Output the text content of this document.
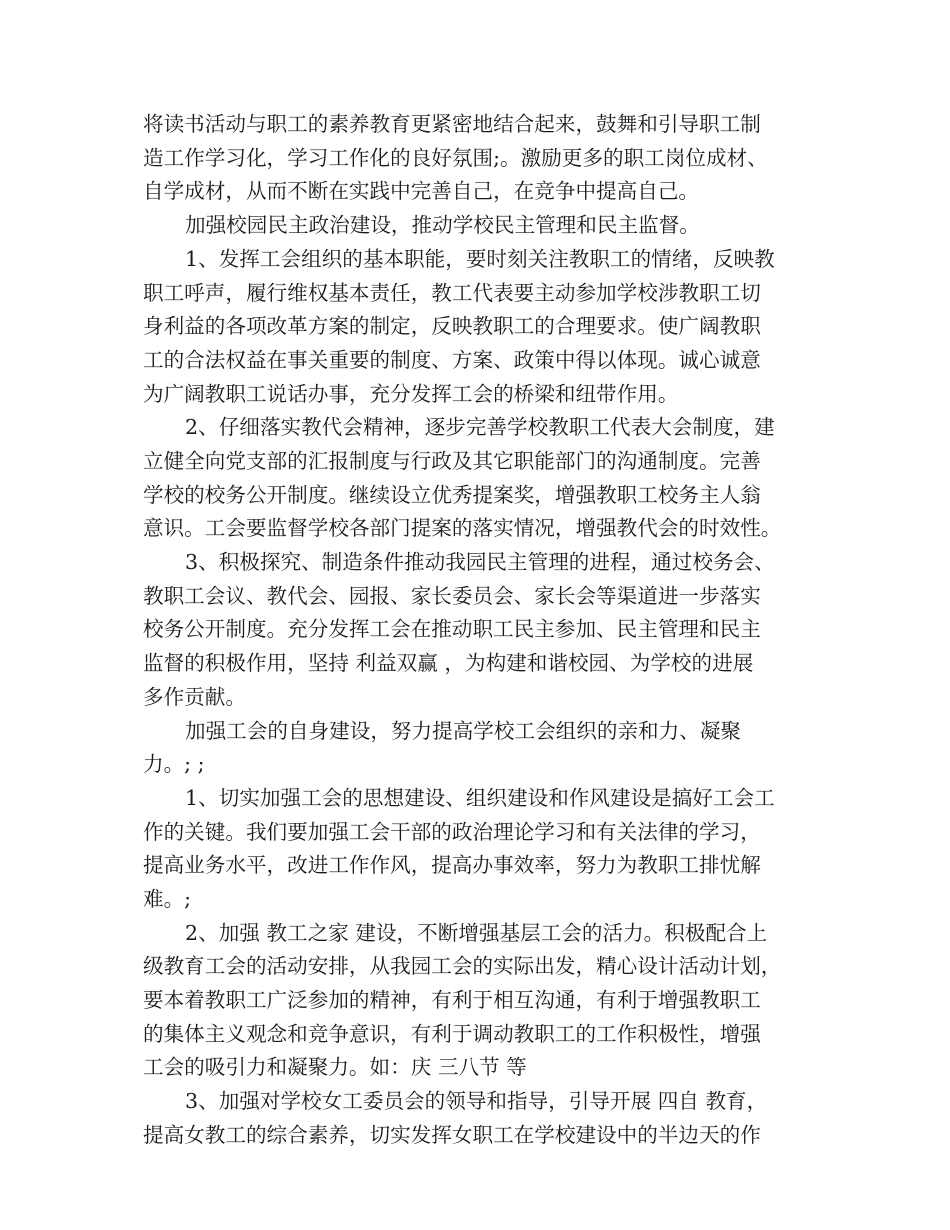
将读书活动与职工的素养教育更紧密地结合起来，鼓舞和引导职工制
造工作学习化，学习工作化的良好氛围;。激励更多的职工岗位成材、
自学成材，从而不断在实践中完善自己，在竞争中提高自己。
加强校园民主政治建设，推动学校民主管理和民主监督。
1、发挥工会组织的基本职能，要时刻关注教职工的情绪，反映教
职工呼声，履行维权基本责任，教工代表要主动参加学校涉教职工切
身利益的各项改革方案的制定，反映教职工的合理要求。使广阔教职
工的合法权益在事关重要的制度、方案、政策中得以体现。诚心诚意
为广阔教职工说话办事，充分发挥工会的桥梁和纽带作用。
2、仔细落实教代会精神，逐步完善学校教职工代表大会制度，建
立健全向党支部的汇报制度与行政及其它职能部门的沟通制度。完善
学校的校务公开制度。继续设立优秀提案奖，增强教职工校务主人翁
意识。工会要监督学校各部门提案的落实情况，增强教代会的时效性。
3、积极探究、制造条件推动我园民主管理的进程，通过校务会、
教职工会议、教代会、园报、家长委员会、家长会等渠道进一步落实
校务公开制度。充分发挥工会在推动职工民主参加、民主管理和民主
监督的积极作用，坚持 利益双赢 ，为构建和谐校园、为学校的进展
多作贡献。
加强工会的自身建设，努力提高学校工会组织的亲和力、凝聚
力。; ;
1、切实加强工会的思想建设、组织建设和作风建设是搞好工会工
作的关键。我们要加强工会干部的政治理论学习和有关法律的学习，
提高业务水平，改进工作作风，提高办事效率，努力为教职工排忧解
难。;
2、加强 教工之家 建设，不断增强基层工会的活力。积极配合上
级教育工会的活动安排，从我园工会的实际出发，精心设计活动计划，
要本着教职工广泛参加的精神，有利于相互沟通，有利于增强教职工
的集体主义观念和竞争意识，有利于调动教职工的工作积极性，增强
工会的吸引力和凝聚力。如：庆 三八节 等
3、加强对学校女工委员会的领导和指导，引导开展 四自 教育，
提高女教工的综合素养，切实发挥女职工在学校建设中的半边天的作
